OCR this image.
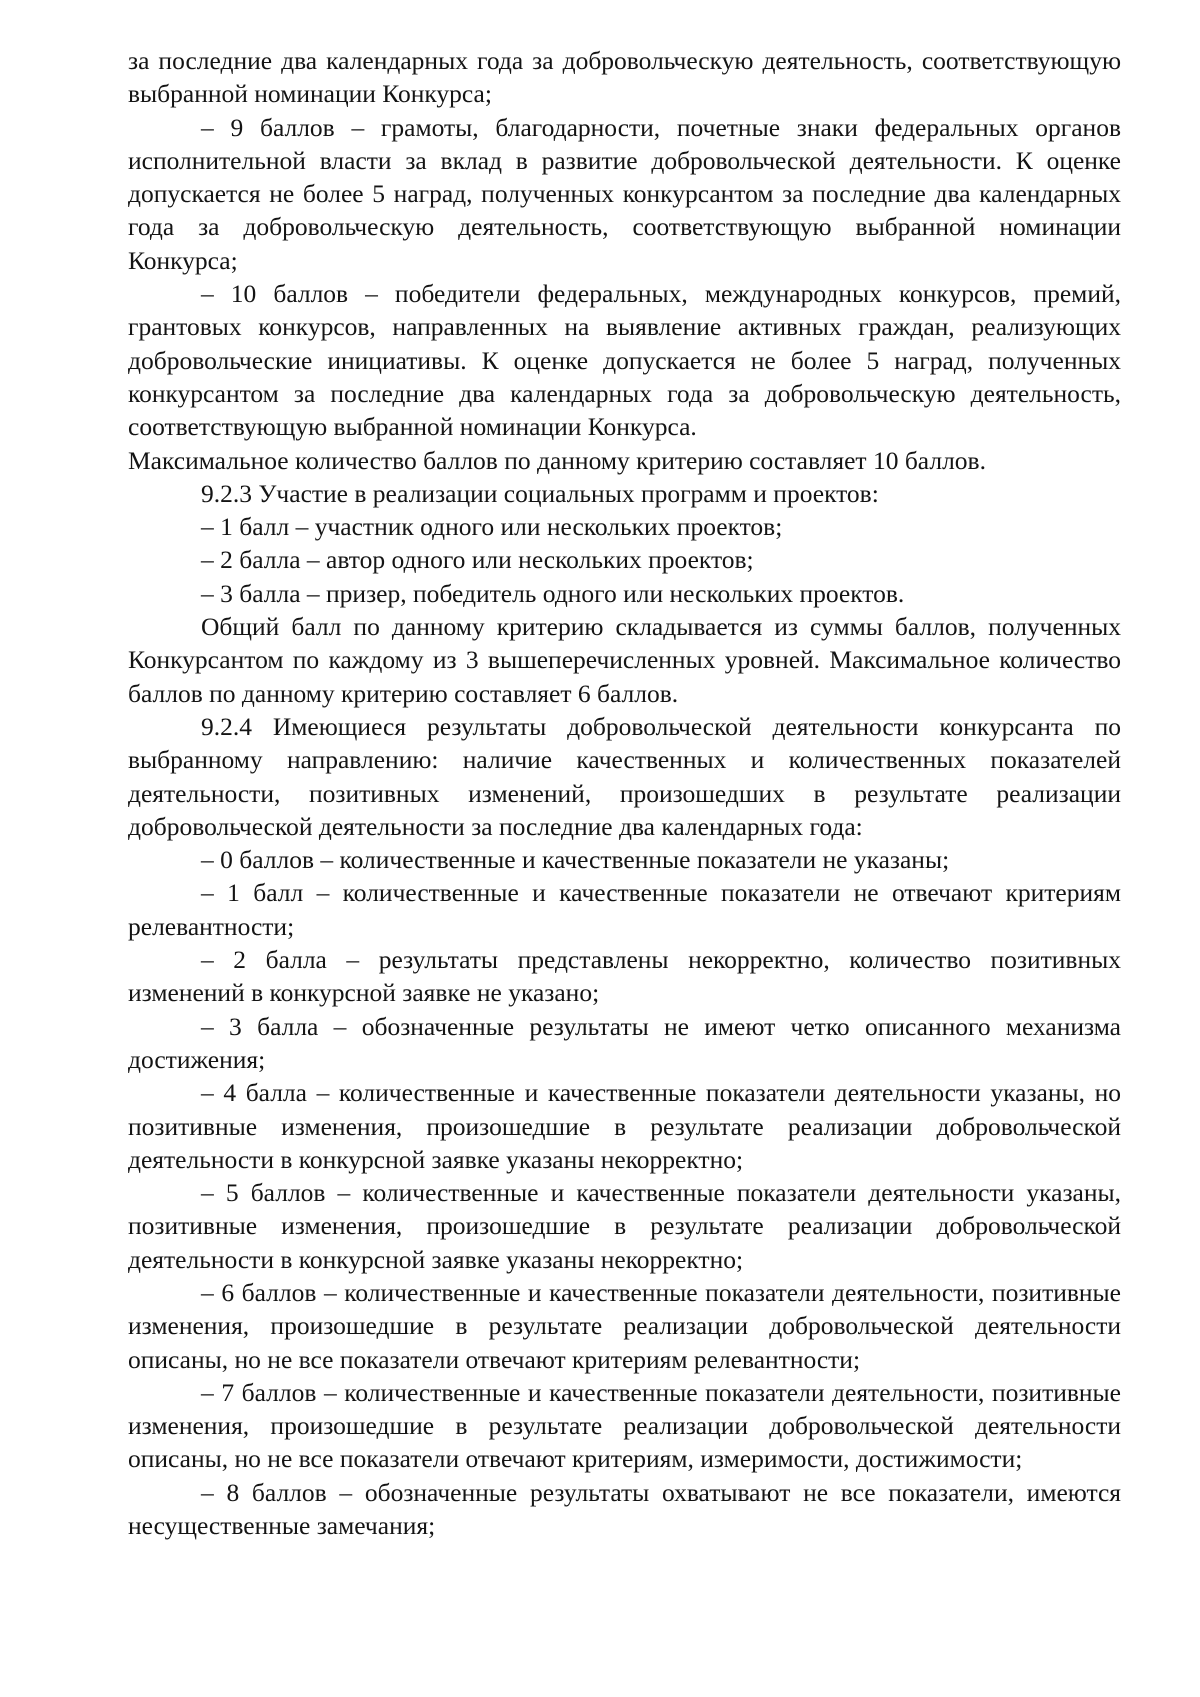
за последние два календарных года за добровольческую деятельность, соответствующую выбранной номинации Конкурса;

– 9 баллов – грамоты, благодарности, почетные знаки федеральных органов исполнительной власти за вклад в развитие добровольческой деятельности. К оценке допускается не более 5 наград, полученных конкурсантом за последние два календарных года за добровольческую деятельность, соответствующую выбранной номинации Конкурса;

– 10 баллов – победители федеральных, международных конкурсов, премий, грантовых конкурсов, направленных на выявление активных граждан, реализующих добровольческие инициативы. К оценке допускается не более 5 наград, полученных конкурсантом за последние два календарных года за добровольческую деятельность, соответствующую выбранной номинации Конкурса.

Максимальное количество баллов по данному критерию составляет 10 баллов.

9.2.3 Участие в реализации социальных программ и проектов:

– 1 балл – участник одного или нескольких проектов;

– 2 балла – автор одного или нескольких проектов;

– 3 балла – призер, победитель одного или нескольких проектов.

Общий балл по данному критерию складывается из суммы баллов, полученных Конкурсантом по каждому из 3 вышеперечисленных уровней. Максимальное количество баллов по данному критерию составляет 6 баллов.

9.2.4 Имеющиеся результаты добровольческой деятельности конкурсанта по выбранному направлению: наличие качественных и количественных показателей деятельности, позитивных изменений, произошедших в результате реализации добровольческой деятельности за последние два календарных года:

– 0 баллов – количественные и качественные показатели не указаны;

– 1 балл – количественные и качественные показатели не отвечают критериям релевантности;

– 2 балла – результаты представлены некорректно, количество позитивных изменений в конкурсной заявке не указано;

– 3 балла – обозначенные результаты не имеют четко описанного механизма достижения;

– 4 балла – количественные и качественные показатели деятельности указаны, но позитивные изменения, произошедшие в результате реализации добровольческой деятельности в конкурсной заявке указаны некорректно;

– 5 баллов – количественные и качественные показатели деятельности указаны, позитивные изменения, произошедшие в результате реализации добровольческой деятельности в конкурсной заявке указаны некорректно;

– 6 баллов – количественные и качественные показатели деятельности, позитивные изменения, произошедшие в результате реализации добровольческой деятельности описаны, но не все показатели отвечают критериям релевантности;

– 7 баллов – количественные и качественные показатели деятельности, позитивные изменения, произошедшие в результате реализации добровольческой деятельности описаны, но не все показатели отвечают критериям, измеримости, достижимости;

– 8 баллов – обозначенные результаты охватывают не все показатели, имеются несущественные замечания;
